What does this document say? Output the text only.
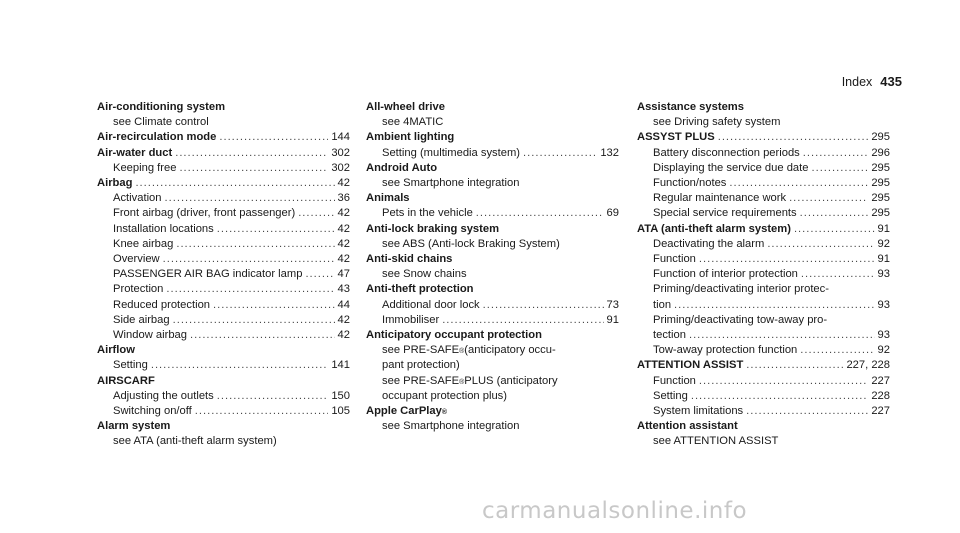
Index 435
Air-conditioning system
see Climate control
Air-recirculation mode .....	144
Air-water duct .....	302
Keeping free .....	302
Airbag .....	42
Activation .....	36
Front airbag (driver, front passenger) .....	42
Installation locations .....	42
Knee airbag .....	42
Overview .....	42
PASSENGER AIR BAG indicator lamp .....	47
Protection .....	43
Reduced protection .....	44
Side airbag .....	42
Window airbag .....	42
Airflow
Setting .....	141
AIRSCARF
Adjusting the outlets .....	150
Switching on/off .....	105
Alarm system
see ATA (anti-theft alarm system)
All-wheel drive
see 4MATIC
Ambient lighting
Setting (multimedia system) .....	132
Android Auto
see Smartphone integration
Animals
Pets in the vehicle .....	69
Anti-lock braking system
see ABS (Anti-lock Braking System)
Anti-skid chains
see Snow chains
Anti-theft protection
Additional door lock .....	73
Immobiliser .....	91
Anticipatory occupant protection
see PRE-SAFE ® (anticipatory occu-
pant protection)
see PRE-SAFE ® PLUS (anticipatory
occupant protection plus)
Apple CarPlay ®
see Smartphone integration
Assistance systems
see Driving safety system
ASSYST PLUS .....	295
Battery disconnection periods .....	296
Displaying the service due date .....	295
Function/notes .....	295
Regular maintenance work .....	295
Special service requirements .....	295
ATA (anti-theft alarm system) .....	91
Deactivating the alarm .....	92
Function .....	91
Function of interior protection .....	93
Priming/deactivating interior protec-
tion .....	93
Priming/deactivating tow-away pro-
tection .....	93
Tow-away protection function .....	92
ATTENTION ASSIST .....	227, 228
Function .....	227
Setting .....	228
System limitations .....	227
Attention assistant
see ATTENTION ASSIST
carmanualsonline.info
